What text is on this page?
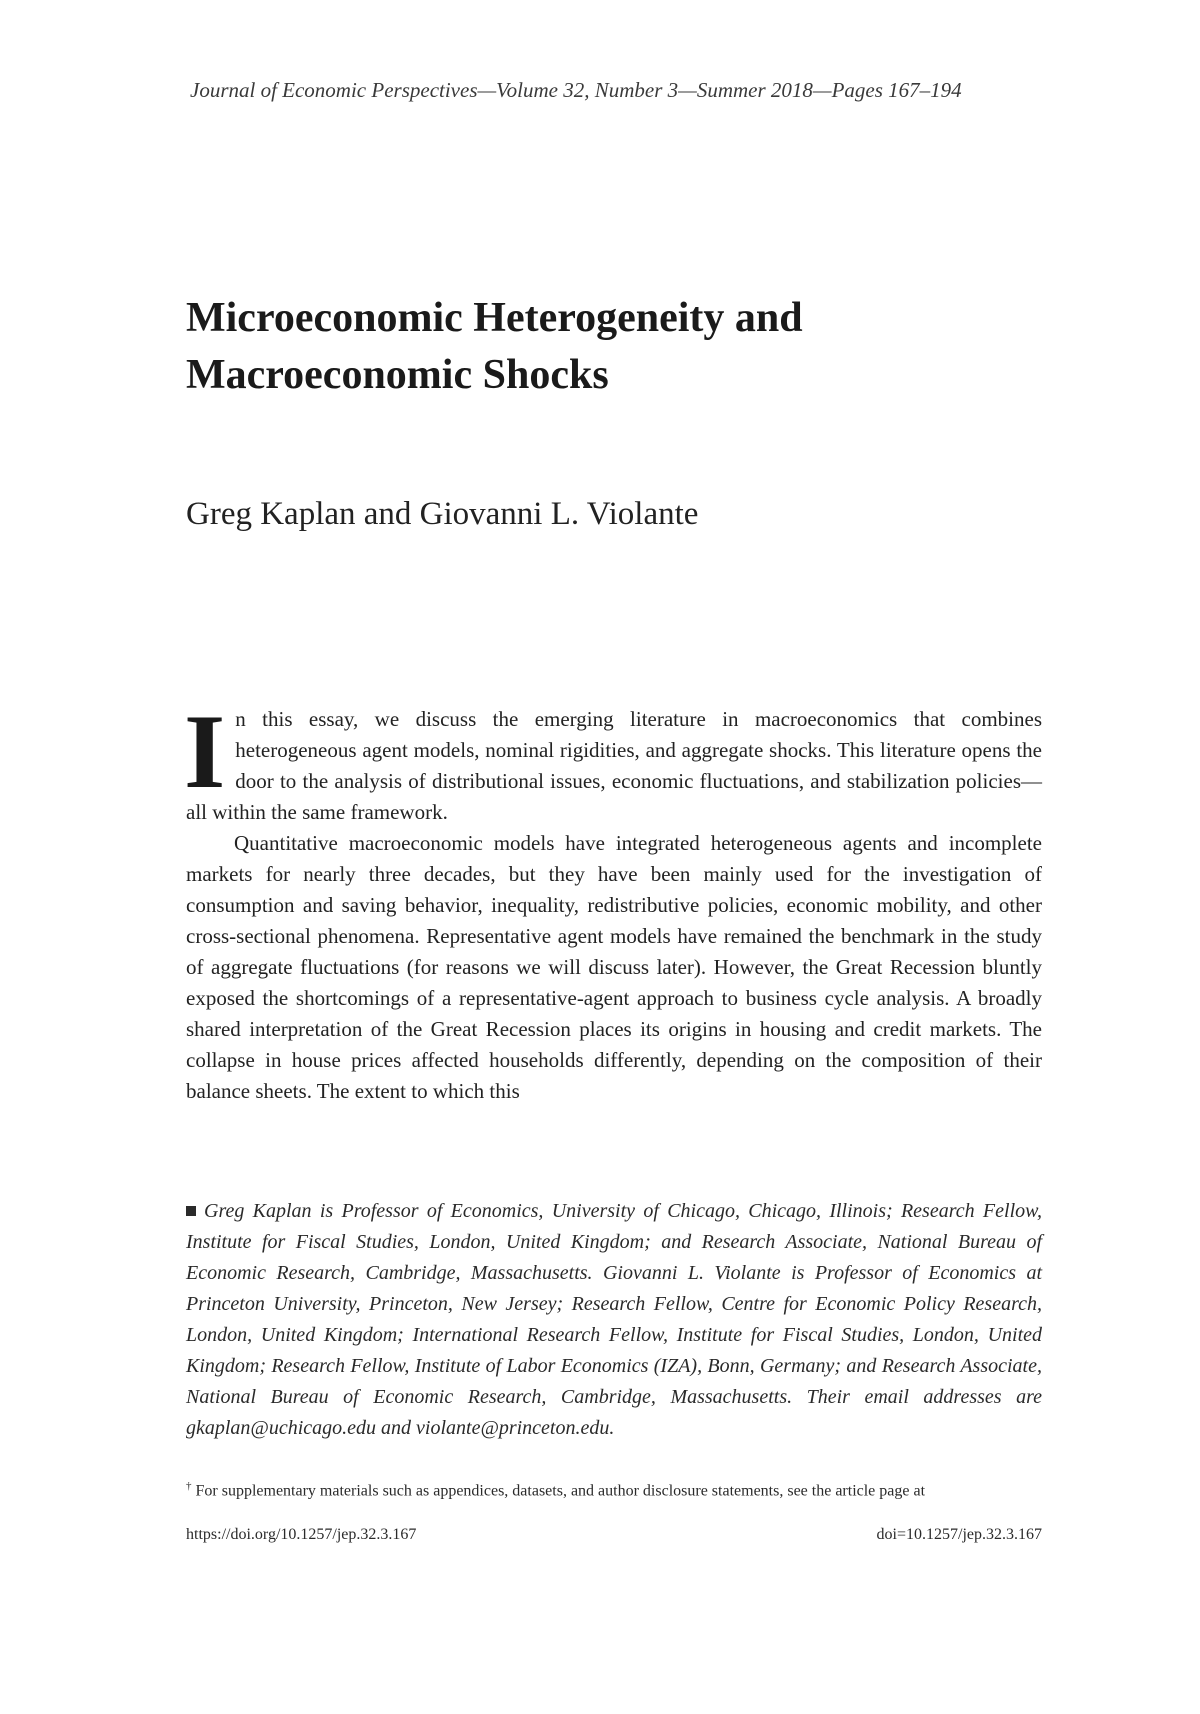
Journal of Economic Perspectives—Volume 32, Number 3—Summer 2018—Pages 167–194
Microeconomic Heterogeneity and
Macroeconomic Shocks
Greg Kaplan and Giovanni L. Violante

In this essay, we discuss the emerging literature in macroeconomics that combines heterogeneous agent models, nominal rigidities, and aggregate shocks. This literature opens the door to the analysis of distributional issues, economic fluctuations, and stabilization policies—all within the same framework.

Quantitative macroeconomic models have integrated heterogeneous agents and incomplete markets for nearly three decades, but they have been mainly used for the investigation of consumption and saving behavior, inequality, redistributive policies, economic mobility, and other cross-sectional phenomena. Representative agent models have remained the benchmark in the study of aggregate fluctuations (for reasons we will discuss later). However, the Great Recession bluntly exposed the shortcomings of a representative-agent approach to business cycle analysis. A broadly shared interpretation of the Great Recession places its origins in housing and credit markets. The collapse in house prices affected households differently, depending on the composition of their balance sheets. The extent to which this

Greg Kaplan is Professor of Economics, University of Chicago, Chicago, Illinois; Research Fellow, Institute for Fiscal Studies, London, United Kingdom; and Research Associate, National Bureau of Economic Research, Cambridge, Massachusetts. Giovanni L. Violante is Professor of Economics at Princeton University, Princeton, New Jersey; Research Fellow, Centre for Economic Policy Research, London, United Kingdom; International Research Fellow, Institute for Fiscal Studies, London, United Kingdom; Research Fellow, Institute of Labor Economics (IZA), Bonn, Germany; and Research Associate, National Bureau of Economic Research, Cambridge, Massachusetts. Their email addresses are gkaplan@uchicago.edu and violante@princeton.edu.
† For supplementary materials such as appendices, datasets, and author disclosure statements, see the article page at
https://doi.org/10.1257/jep.32.3.167	doi=10.1257/jep.32.3.167
